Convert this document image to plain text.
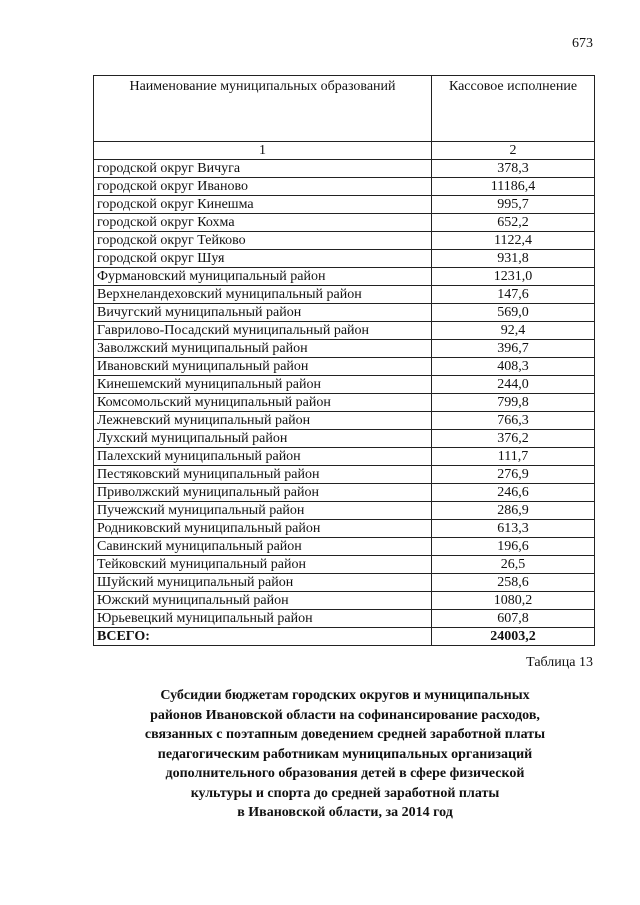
673
Наименование муниципальных образований	Кассовое исполнение
1	2
городской округ Вичуга	378,3
городской округ Иваново	11186,4
городской округ Кинешма	995,7
городской округ Кохма	652,2
городской округ Тейково	1122,4
городской округ Шуя	931,8
Фурмановский муниципальный район	1231,0
Верхнеландеховский муниципальный район	147,6
Вичугский муниципальный район	569,0
Гаврилово-Посадский муниципальный район	92,4
Заволжский муниципальный район	396,7
Ивановский муниципальный район	408,3
Кинешемский муниципальный район	244,0
Комсомольский муниципальный район	799,8
Лежневский муниципальный район	766,3
Лухский муниципальный район	376,2
Палехский муниципальный район	111,7
Пестяковский муниципальный район	276,9
Приволжский муниципальный район	246,6
Пучежский муниципальный район	286,9
Родниковский муниципальный район	613,3
Савинский муниципальный район	196,6
Тейковский муниципальный район	26,5
Шуйский муниципальный район	258,6
Южский муниципальный район	1080,2
Юрьевецкий муниципальный район	607,8
ВСЕГО:	24003,2
Таблица 13
Субсидии бюджетам городских округов и муниципальных
районов Ивановской области на софинансирование расходов,
связанных с поэтапным доведением средней заработной платы
педагогическим работникам муниципальных организаций
дополнительного образования детей в сфере физической
культуры и спорта до средней заработной платы
в Ивановской области, за 2014 год
